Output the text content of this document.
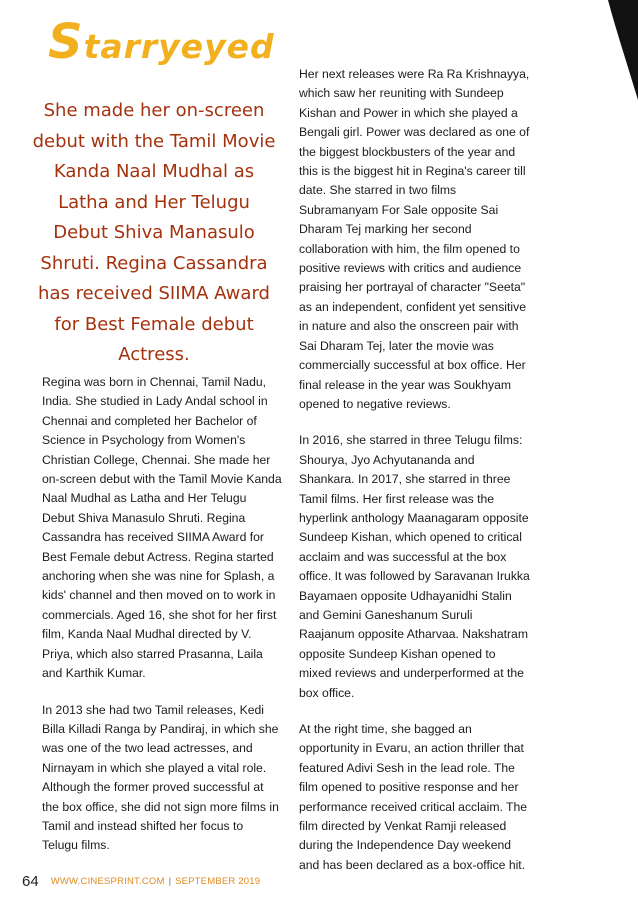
Starryeyed
She made her on-screen debut with the Tamil Movie Kanda Naal Mudhal as Latha and Her Telugu Debut Shiva Manasulo Shruti. Regina Cassandra has received SIIMA Award for Best Female debut Actress.

Regina was born in Chennai, Tamil Nadu, India. She studied in Lady Andal school in Chennai and completed her Bachelor of Science in Psychology from Women's Christian College, Chennai. She made her on-screen debut with the Tamil Movie Kanda Naal Mudhal as Latha and Her Telugu Debut Shiva Manasulo Shruti. Regina Cassandra has received SIIMA Award for Best Female debut Actress. Regina started anchoring when she was nine for Splash, a kids' channel and then moved on to work in commercials. Aged 16, she shot for her first film, Kanda Naal Mudhal directed by V. Priya, which also starred Prasanna, Laila and Karthik Kumar.

In 2013 she had two Tamil releases, Kedi Billa Killadi Ranga by Pandiraj, in which she was one of the two lead actresses, and Nirnayam in which she played a vital role. Although the former proved successful at the box office, she did not sign more films in Tamil and instead shifted her focus to Telugu films.

Her next releases were Ra Ra Krishnayya, which saw her reuniting with Sundeep Kishan and Power in which she played a Bengali girl. Power was declared as one of the biggest blockbusters of the year and this is the biggest hit in Regina's career till date. She starred in two films Subramanyam For Sale opposite Sai Dharam Tej marking her second collaboration with him, the film opened to positive reviews with critics and audience praising her portrayal of character "Seeta" as an independent, confident yet sensitive in nature and also the onscreen pair with Sai Dharam Tej, later the movie was commercially successful at box office. Her final release in the year was Soukhyam opened to negative reviews.

In 2016, she starred in three Telugu films: Shourya, Jyo Achyutananda and Shankara. In 2017, she starred in three Tamil films. Her first release was the hyperlink anthology Maanagaram opposite Sundeep Kishan, which opened to critical acclaim and was successful at the box office. It was followed by Saravanan Irukka Bayamaen opposite Udhayanidhi Stalin and Gemini Ganeshanum Suruli Raajanum opposite Atharvaa. Nakshatram opposite Sundeep Kishan opened to mixed reviews and underperformed at the box office.

At the right time, she bagged an opportunity in Evaru, an action thriller that featured Adivi Sesh in the lead role. The film opened to positive response and her performance received critical acclaim. The film directed by Venkat Ramji released during the Independence Day weekend and has been declared as a box-office hit.

64 WWW.CINESPRINT.COM | SEPTEMBER 2019
